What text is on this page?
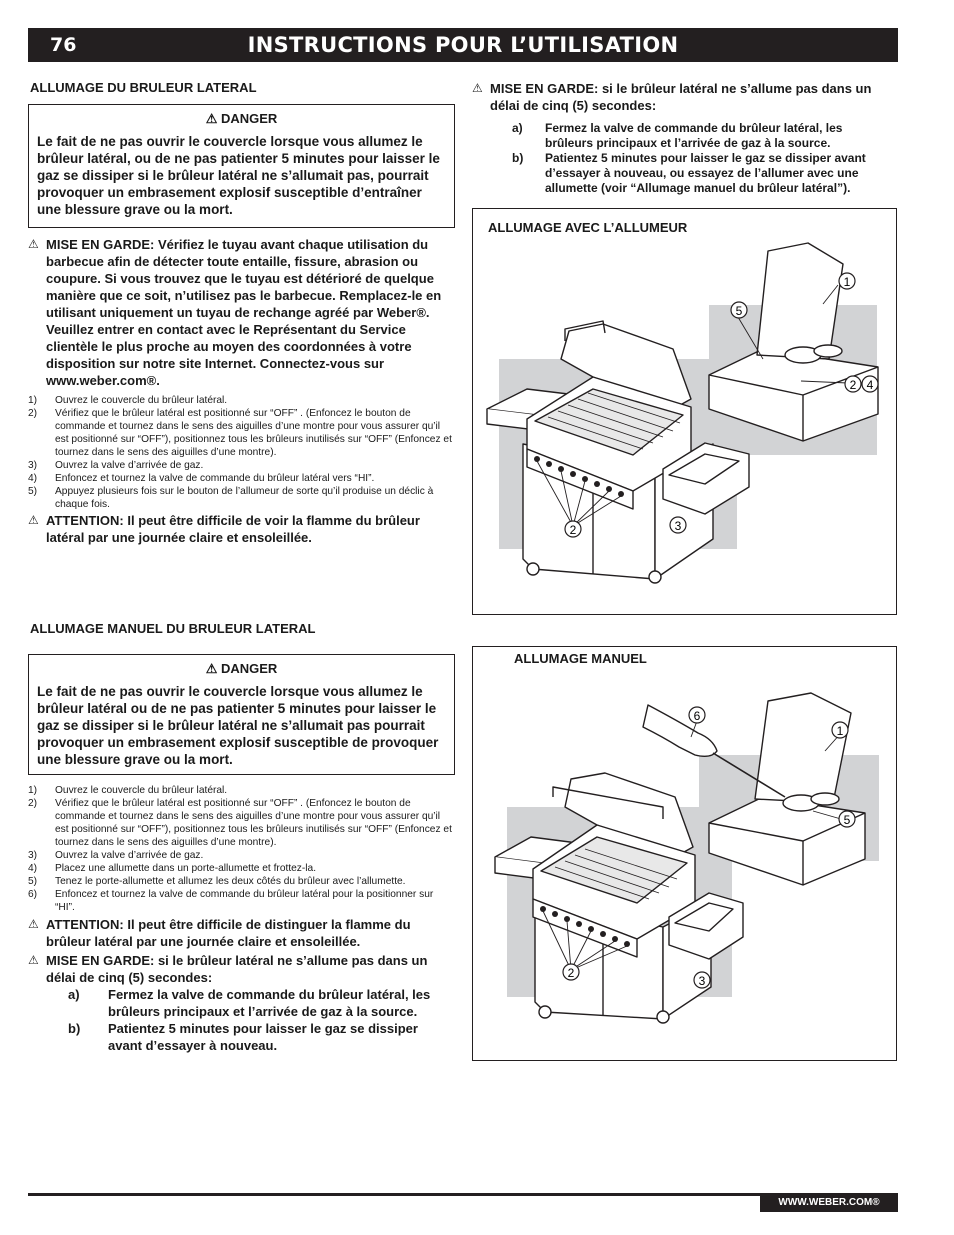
76	INSTRUCTIONS POUR L’UTILISATION
ALLUMAGE DU BRULEUR LATERAL
⚠ DANGER
Le fait de ne pas ouvrir le couvercle lorsque vous allumez le brûleur latéral, ou de ne pas patienter 5 minutes pour laisser le gaz se dissiper si le brûleur latéral ne s’allumait pas, pourrait provoquer un embrasement explosif susceptible d’entraîner une blessure grave ou la mort.
⚠ MISE EN GARDE: Vérifiez le tuyau avant chaque utilisation du barbecue afin de détecter toute entaille, fissure, abrasion ou coupure. Si vous trouvez que le tuyau est détérioré de quelque manière que ce soit, n’utilisez pas le barbecue. Remplacez-le en utilisant uniquement un tuyau de rechange agréé par Weber®. Veuillez entrer en contact avec le Représentant du Service clientèle le plus proche au moyen des coordonnées à votre disposition sur notre site Internet. Connectez-vous sur www.weber.com®.
1) Ouvrez le couvercle du brûleur latéral.
2) Vérifiez que le brûleur latéral est positionné sur “OFF” . (Enfoncez le bouton de commande et tournez dans le sens des aiguilles d’une montre pour vous assurer qu’il est positionné sur “OFF”), positionnez tous les brûleurs inutilisés sur “OFF” (Enfoncez et tournez dans le sens des aiguilles d’une montre).
3) Ouvrez la valve d’arrivée de gaz.
4) Enfoncez et tournez la valve de commande du brûleur latéral vers “HI”.
5) Appuyez plusieurs fois sur le bouton de l’allumeur de sorte qu’il produise un déclic à chaque fois.
⚠ ATTENTION: Il peut être difficile de voir la flamme du brûleur latéral par une journée claire et ensoleillée.
⚠ MISE EN GARDE: si le brûleur latéral ne s’allume pas dans un délai de cinq (5) secondes:
a) Fermez la valve de commande du brûleur latéral, les brûleurs principaux et l’arrivée de gaz à la source.
b) Patientez 5 minutes pour laisser le gaz se dissiper avant d’essayer à nouveau, ou essayez de l’allumer avec une allumette (voir “Allumage manuel du brûleur latéral”).
ALLUMAGE AVEC L’ALLUMEUR
1
5
2 4
2	3
ALLUMAGE MANUEL DU BRULEUR LATERAL
⚠ DANGER
Le fait de ne pas ouvrir le couvercle lorsque vous allumez le brûleur latéral ou de ne pas patienter 5 minutes pour laisser le gaz se dissiper si le brûleur latéral ne s’allumait pas pourrait provoquer un embrasement explosif susceptible de provoquer une blessure grave ou la mort.
1) Ouvrez le couvercle du brûleur latéral.
2) Vérifiez que le brûleur latéral est positionné sur “OFF” . (Enfoncez le bouton de commande et tournez dans le sens des aiguilles d’une montre pour vous assurer qu’il est positionné sur “OFF”), positionnez tous les brûleurs inutilisés sur “OFF” (Enfoncez et tournez dans le sens des aiguilles d’une montre).
3) Ouvrez la valve d’arrivée de gaz.
4) Placez une allumette dans un porte-allumette et frottez-la.
5) Tenez le porte-allumette et allumez les deux côtés du brûleur avec l’allumette.
6) Enfoncez et tournez la valve de commande du brûleur latéral pour la positionner sur “HI”.
⚠ ATTENTION: Il peut être difficile de distinguer la flamme du brûleur latéral par une journée claire et ensoleillée.
⚠ MISE EN GARDE: si le brûleur latéral ne s’allume pas dans un délai de cinq (5) secondes:
a) Fermez la valve de commande du brûleur latéral, les brûleurs principaux et l’arrivée de gaz à la source.
b) Patientez 5 minutes pour laisser le gaz se dissiper avant d’essayer à nouveau.
ALLUMAGE MANUEL
6
1
5
2
3
WWW.WEBER.COM®
